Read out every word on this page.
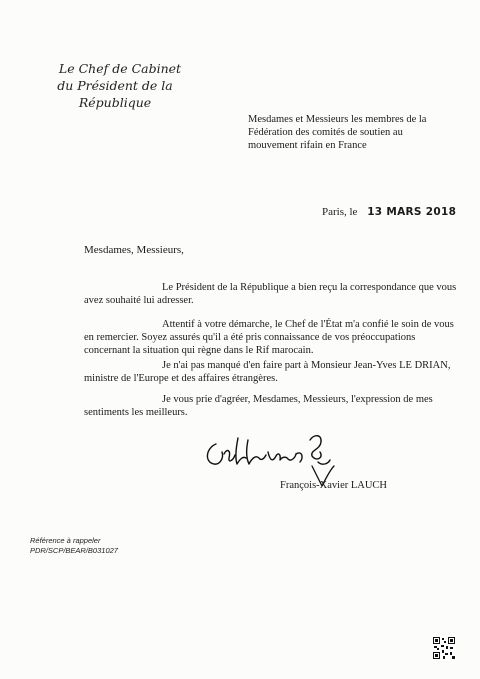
Le Chef de Cabinet
du Président de la République
Mesdames et Messieurs les membres de la
Fédération des comités de soutien au
mouvement rifain en France
Paris, le 13 MARS 2018
Mesdames, Messieurs,
Le Président de la République a bien reçu la correspondance que vous
avez souhaité lui adresser.
Attentif à votre démarche, le Chef de l'État m'a confié le soin de vous
en remercier. Soyez assurés qu'il a été pris connaissance de vos préoccupations
concernant la situation qui règne dans le Rif marocain.
Je n'ai pas manqué d'en faire part à Monsieur Jean-Yves LE DRIAN,
ministre de l'Europe et des affaires étrangères.
Je vous prie d'agréer, Mesdames, Messieurs, l'expression de mes
sentiments les meilleurs.
François-Xavier LAUCH
Référence à rappeler
PDR/SCP/BEAR/B031027
